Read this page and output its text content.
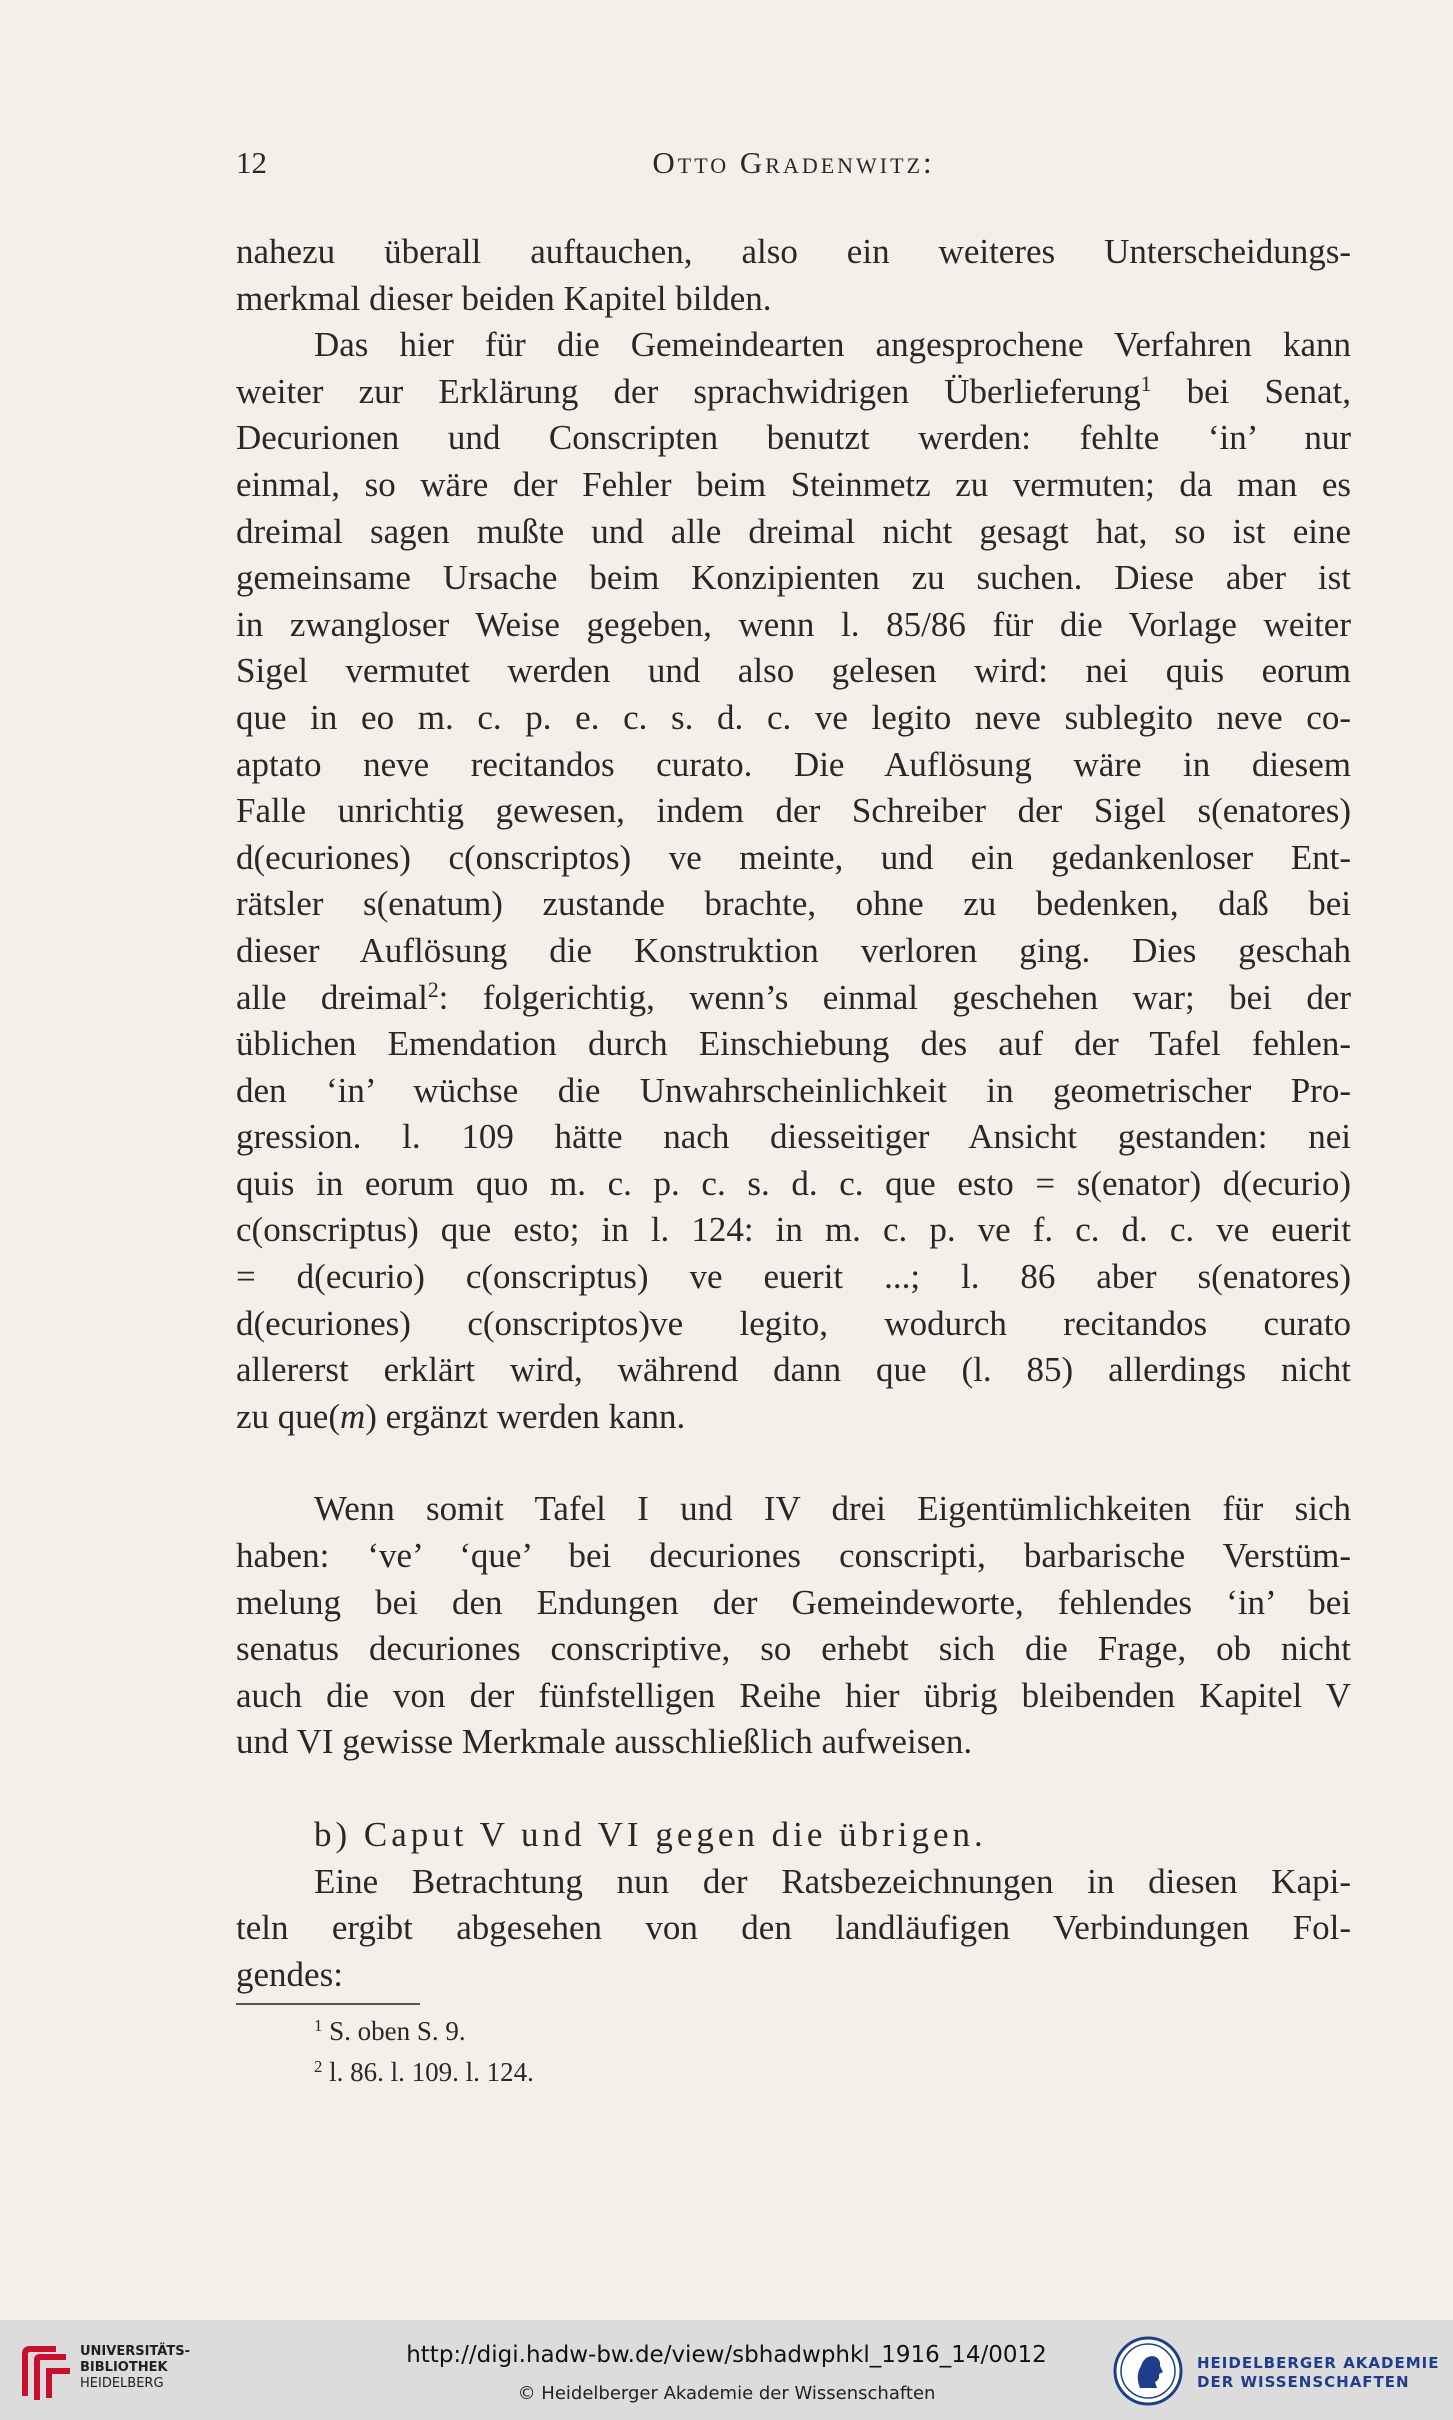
12	Otto Gradenwitz:
nahezu überall auftauchen, also ein weiteres Unterscheidungs-
merkmal dieser beiden Kapitel bilden.
Das hier für die Gemeindearten angesprochene Verfahren kann
weiter zur Erklärung der sprachwidrigen Überlieferung$^1$ bei Senat,
Decurionen und Conscripten benutzt werden: fehlte ‘in’ nur
einmal, so wäre der Fehler beim Steinmetz zu vermuten; da man es
dreimal sagen mußte und alle dreimal nicht gesagt hat, so ist eine
gemeinsame Ursache beim Konzipienten zu suchen. Diese aber ist
in zwangloser Weise gegeben, wenn l. 85/86 für die Vorlage weiter
Sigel vermutet werden und also gelesen wird: nei quis eorum
que in eo m. c. p. e. c. s. d. c. ve legito neve sublegito neve co-
aptato neve recitandos curato. Die Auflösung wäre in diesem
Falle unrichtig gewesen, indem der Schreiber der Sigel s(enatores)
d(ecuriones) c(onscriptos) ve meinte, und ein gedankenloser Ent-
rätsler s(enatum) zustande brachte, ohne zu bedenken, daß bei
dieser Auflösung die Konstruktion verloren ging. Dies geschah
alle dreimal$^2$: folgerichtig, wenn’s einmal geschehen war; bei der
üblichen Emendation durch Einschiebung des auf der Tafel fehlen-
den ‘in’ wüchse die Unwahrscheinlichkeit in geometrischer Pro-
gression. l. 109 hätte nach diesseitiger Ansicht gestanden: nei
quis in eorum quo m. c. p. c. s. d. c. que esto = s(enator) d(ecurio)
c(onscriptus) que esto; in l. 124: in m. c. p. ve f. c. d. c. ve euerit
= d(ecurio) c(onscriptus) ve euerit ...; l. 86 aber s(enatores)
d(ecuriones) c(onscriptos)ve legito, wodurch recitandos curato
allererst erklärt wird, während dann que (l. 85) allerdings nicht
zu que(m) ergänzt werden kann.
Wenn somit Tafel I und IV drei Eigentümlichkeiten für sich
haben: ‘ve’ ‘que’ bei decuriones conscripti, barbarische Verstüm-
melung bei den Endungen der Gemeindeworte, fehlendes ‘in’ bei
senatus decuriones conscriptive, so erhebt sich die Frage, ob nicht
auch die von der fünfstelligen Reihe hier übrig bleibenden Kapitel V
und VI gewisse Merkmale ausschließlich aufweisen.
b) Caput V und VI gegen die übrigen.
Eine Betrachtung nun der Ratsbezeichnungen in diesen Kapi-
teln ergibt abgesehen von den landläufigen Verbindungen Fol-
gendes:
$^1$ S. oben S. 9.
$^2$ l. 86. l. 109. l. 124.
UNIVERSITÄTS-
BIBLIOTHEK
HEIDELBERG
http://digi.hadw-bw.de/view/sbhadwphkl_1916_14/0012
© Heidelberger Akademie der Wissenschaften
HEIDELBERGER AKADEMIE
DER WISSENSCHAFTEN
